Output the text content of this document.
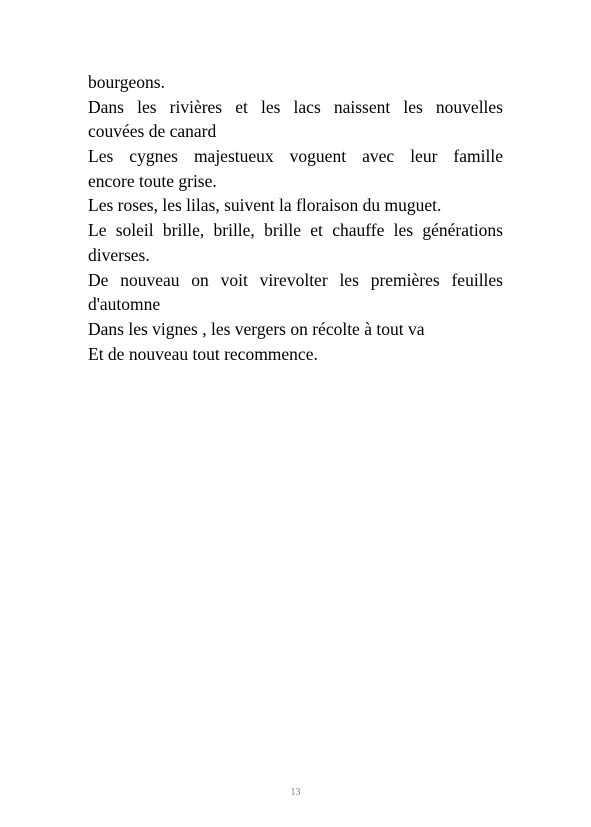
bourgeons.
Dans les rivières et les lacs naissent les nouvelles
couvées de canard
Les cygnes majestueux voguent avec leur famille
encore toute grise.
Les roses, les lilas, suivent la floraison du muguet.
Le soleil brille, brille, brille et chauffe les générations
diverses.
De nouveau on voit virevolter les premières feuilles
d'automne
Dans les vignes , les vergers on récolte à tout va
Et de nouveau tout recommence.
13
